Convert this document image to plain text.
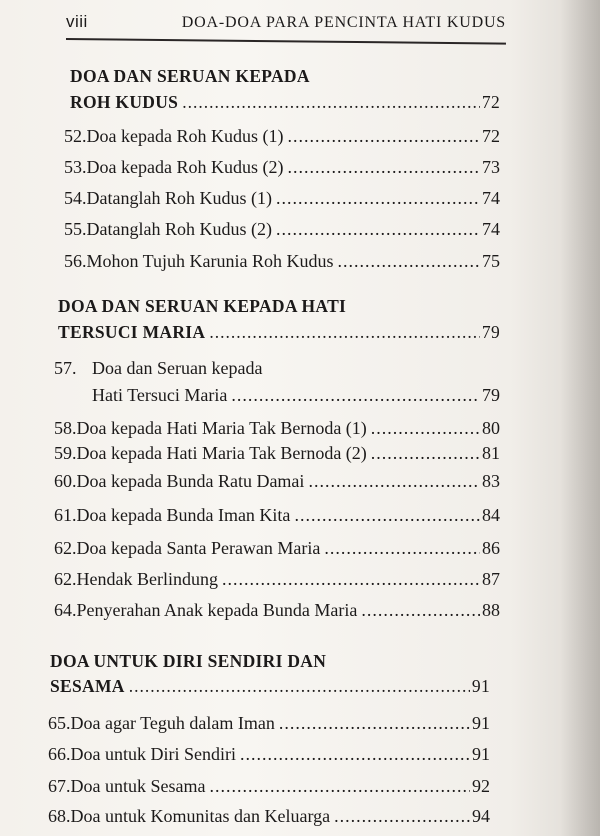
viii	DOA-DOA PARA PENCINTA HATI KUDUS
DOA DAN SERUAN KEPADA
ROH KUDUS .....	72
52. Doa kepada Roh Kudus (1) .....	72
53. Doa kepada Roh Kudus (2) .....	73
54. Datanglah Roh Kudus (1) .....	74
55. Datanglah Roh Kudus (2) .....	74
56. Mohon Tujuh Karunia Roh Kudus .....	75
DOA DAN SERUAN KEPADA HATI
TERSUCI MARIA .....	79
57. Doa dan Seruan kepada
Hati Tersuci Maria .....	79
58. Doa kepada Hati Maria Tak Bernoda (1) .....	80
59. Doa kepada Hati Maria Tak Bernoda (2) .....	81
60. Doa kepada Bunda Ratu Damai .....	83
61. Doa kepada Bunda Iman Kita .....	84
62. Doa kepada Santa Perawan Maria .....	86
62. Hendak Berlindung .....	87
64. Penyerahan Anak kepada Bunda Maria .....	88
DOA UNTUK DIRI SENDIRI DAN
SESAMA .....	91
65. Doa agar Teguh dalam Iman .....	91
66. Doa untuk Diri Sendiri .....	91
67. Doa untuk Sesama .....	92
68. Doa untuk Komunitas dan Keluarga .....	94
